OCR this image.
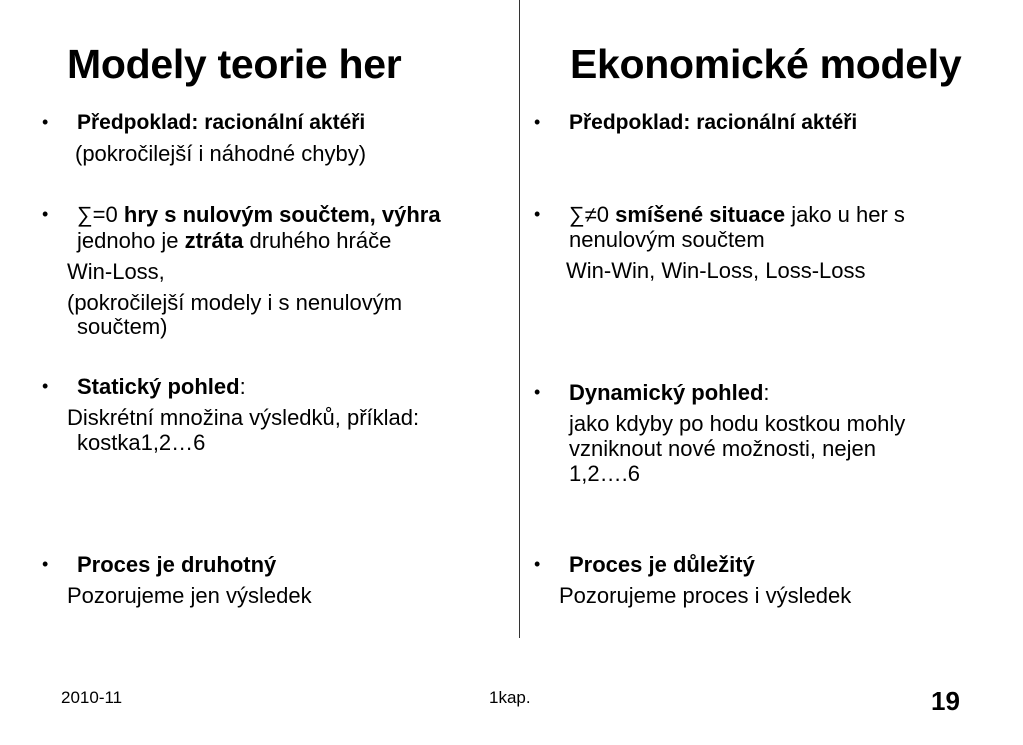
Modely teorie her	Ekonomické modely
• Předpoklad: racionální aktéři
(pokročilejší i náhodné chyby)
• ∑=0 hry s nulovým součtem, výhra
jednoho je ztráta druhého hráče
Win-Loss,
(pokročilejší modely i s nenulovým
součtem)
• Statický pohled:
Diskrétní množina výsledků, příklad:
kostka1,2…6
• Proces je druhotný
Pozorujeme jen výsledek
• Předpoklad: racionální aktéři
• ∑≠0 smíšené situace jako u her s
nenulovým součtem
Win-Win, Win-Loss, Loss-Loss
• Dynamický pohled:
jako kdyby po hodu kostkou mohly
vzniknout nové možnosti, nejen
1,2….6
• Proces je důležitý
Pozorujeme proces i výsledek
2010-11	1kap.	19
